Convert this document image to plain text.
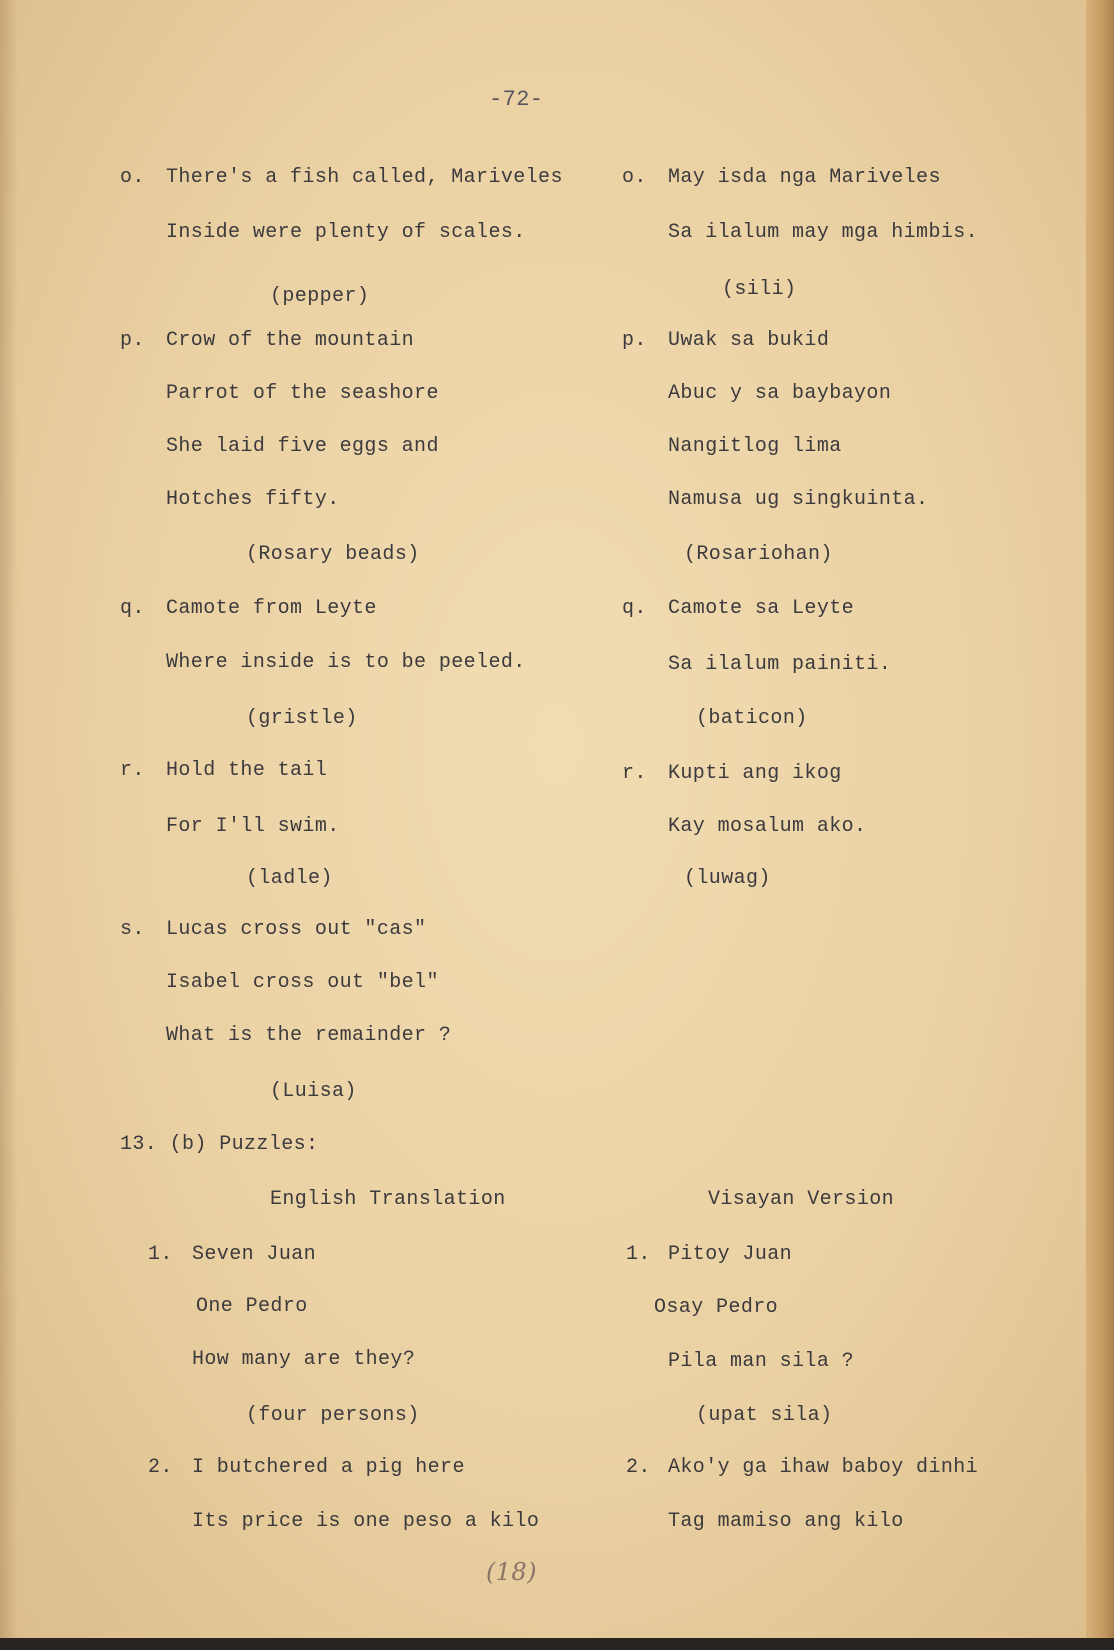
-72-
o. There's a fish called, Mariveles
Inside were plenty of scales.
(pepper)
o. May isda nga Mariveles
Sa ilalum may mga himbis.
(sili)
p. Crow of the mountain
Parrot of the seashore
She laid five eggs and
Hotches fifty.
(Rosary beads)
p. Uwak sa bukid
Abuc y sa baybayon
Nangitlog lima
Namusa ug singkuinta.
(Rosariohan)
q. Camote from Leyte
Where inside is to be peeled.
(gristle)
q. Camote sa Leyte
Sa ilalum painiti.
(baticon)
r. Hold the tail
For I'll swim.
(ladle)
r. Kupti ang ikog
Kay mosalum ako.
(luwag)
s. Lucas cross out "cas"
Isabel cross out "bel"
What is the remainder ?
(Luisa)
13. (b) Puzzles:
English Translation	Visayan Version
1. Seven Juan
One Pedro
How many are they?
(four persons)
1. Pitoy Juan
Osay Pedro
Pila man sila ?
(upat sila)
2. I butchered a pig here
Its price is one peso a kilo
2. Ako'y ga ihaw baboy dinhi
Tag mamiso ang kilo
(18)
